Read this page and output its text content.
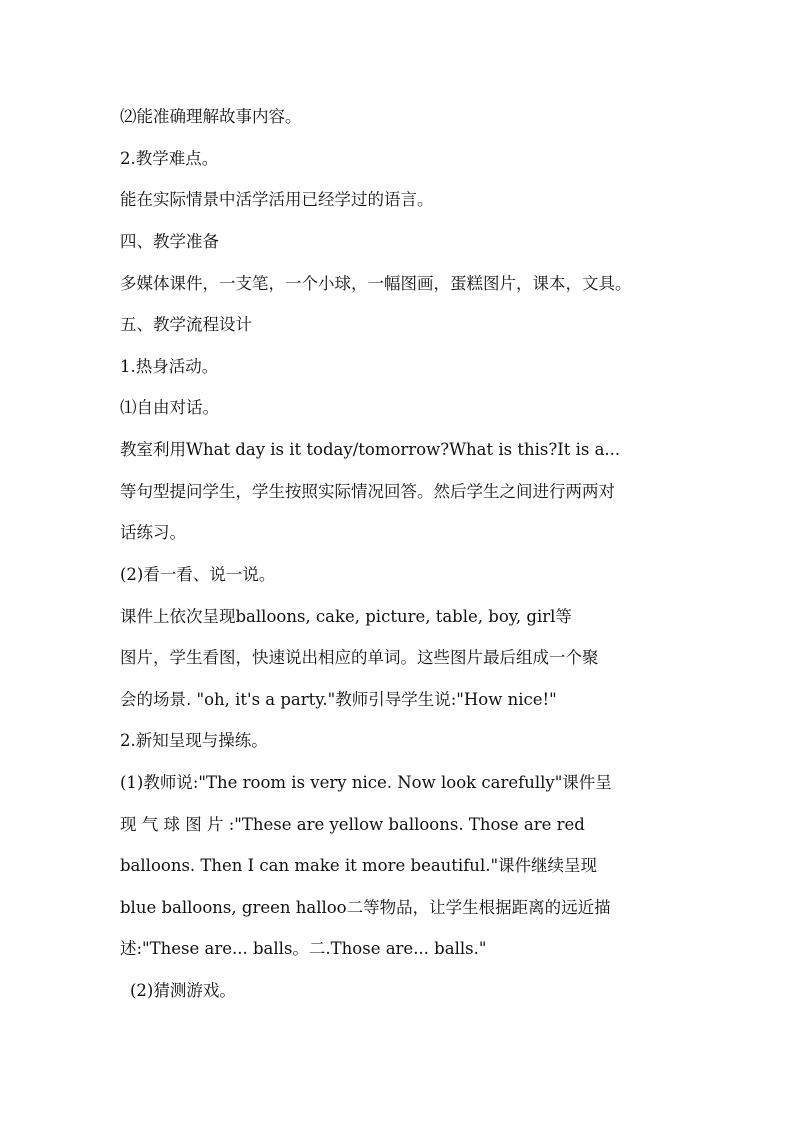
⑵能准确理解故事内容。
2.教学难点。
能在实际情景中活学活用已经学过的语言。
四、教学准备
多媒体课件，一支笔，一个小球，一幅图画，蛋糕图片，课本，文具。
五、教学流程设计
1.热身活动。
⑴自由对话。
教室利用What day is it today/tomorrow?What is this?It is a...
等句型提问学生，学生按照实际情况回答。然后学生之间进行两两对
话练习。
(2)看一看、说一说。
课件上依次呈现balloons, cake, picture, table, boy, girl等
图片，学生看图，快速说出相应的单词。这些图片最后组成一个聚
会的场景. "oh, it's a party."教师引导学生说:"How nice!"
2.新知呈现与操练。
(1)教师说:"The room is very nice. Now look carefully"课件呈
现 气 球 图 片 :"These are yellow balloons. Those are red
balloons. Then I can make it more beautiful."课件继续呈现
blue balloons, green halloo二等物品，让学生根据距离的远近描
述:"These are... balls。二.Those are... balls."
(2)猜测游戏。
